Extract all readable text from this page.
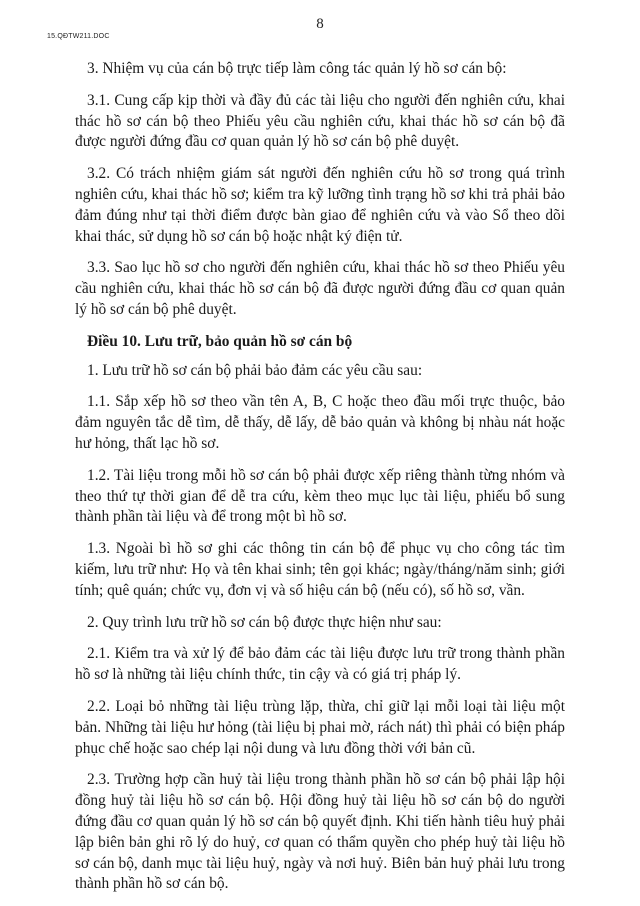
15.QĐTW211.DOC
8

3. Nhiệm vụ của cán bộ trực tiếp làm công tác quản lý hồ sơ cán bộ:

3.1. Cung cấp kịp thời và đầy đủ các tài liệu cho người đến nghiên cứu, khai thác hồ sơ cán bộ theo Phiếu yêu cầu nghiên cứu, khai thác hồ sơ cán bộ đã được người đứng đầu cơ quan quản lý hồ sơ cán bộ phê duyệt.

3.2. Có trách nhiệm giám sát người đến nghiên cứu hồ sơ trong quá trình nghiên cứu, khai thác hồ sơ; kiểm tra kỹ lưỡng tình trạng hồ sơ khi trả phải bảo đảm đúng như tại thời điểm được bàn giao để nghiên cứu và vào Sổ theo dõi khai thác, sử dụng hồ sơ cán bộ hoặc nhật ký điện tử.

3.3. Sao lục hồ sơ cho người đến nghiên cứu, khai thác hồ sơ theo Phiếu yêu cầu nghiên cứu, khai thác hồ sơ cán bộ đã được người đứng đầu cơ quan quản lý hồ sơ cán bộ phê duyệt.

Điều 10. Lưu trữ, bảo quản hồ sơ cán bộ

1. Lưu trữ hồ sơ cán bộ phải bảo đảm các yêu cầu sau:

1.1. Sắp xếp hồ sơ theo vần tên A, B, C hoặc theo đầu mối trực thuộc, bảo đảm nguyên tắc dễ tìm, dễ thấy, dễ lấy, dễ bảo quản và không bị nhàu nát hoặc hư hỏng, thất lạc hồ sơ.

1.2. Tài liệu trong mỗi hồ sơ cán bộ phải được xếp riêng thành từng nhóm và theo thứ tự thời gian để dễ tra cứu, kèm theo mục lục tài liệu, phiếu bổ sung thành phần tài liệu và để trong một bì hồ sơ.

1.3. Ngoài bì hồ sơ ghi các thông tin cán bộ để phục vụ cho công tác tìm kiếm, lưu trữ như: Họ và tên khai sinh; tên gọi khác; ngày/tháng/năm sinh; giới tính; quê quán; chức vụ, đơn vị và số hiệu cán bộ (nếu có), số hồ sơ, vần.

2. Quy trình lưu trữ hồ sơ cán bộ được thực hiện như sau:

2.1. Kiểm tra và xử lý để bảo đảm các tài liệu được lưu trữ trong thành phần hồ sơ là những tài liệu chính thức, tin cậy và có giá trị pháp lý.

2.2. Loại bỏ những tài liệu trùng lặp, thừa, chỉ giữ lại mỗi loại tài liệu một bản. Những tài liệu hư hỏng (tài liệu bị phai mờ, rách nát) thì phải có biện pháp phục chế hoặc sao chép lại nội dung và lưu đồng thời với bản cũ.

2.3. Trường hợp cần huỷ tài liệu trong thành phần hồ sơ cán bộ phải lập hội đồng huỷ tài liệu hồ sơ cán bộ. Hội đồng huỷ tài liệu hồ sơ cán bộ do người đứng đầu cơ quan quản lý hồ sơ cán bộ quyết định. Khi tiến hành tiêu huỷ phải lập biên bản ghi rõ lý do huỷ, cơ quan có thẩm quyền cho phép huỷ tài liệu hồ sơ cán bộ, danh mục tài liệu huỷ, ngày và nơi huỷ. Biên bản huỷ phải lưu trong thành phần hồ sơ cán bộ.
